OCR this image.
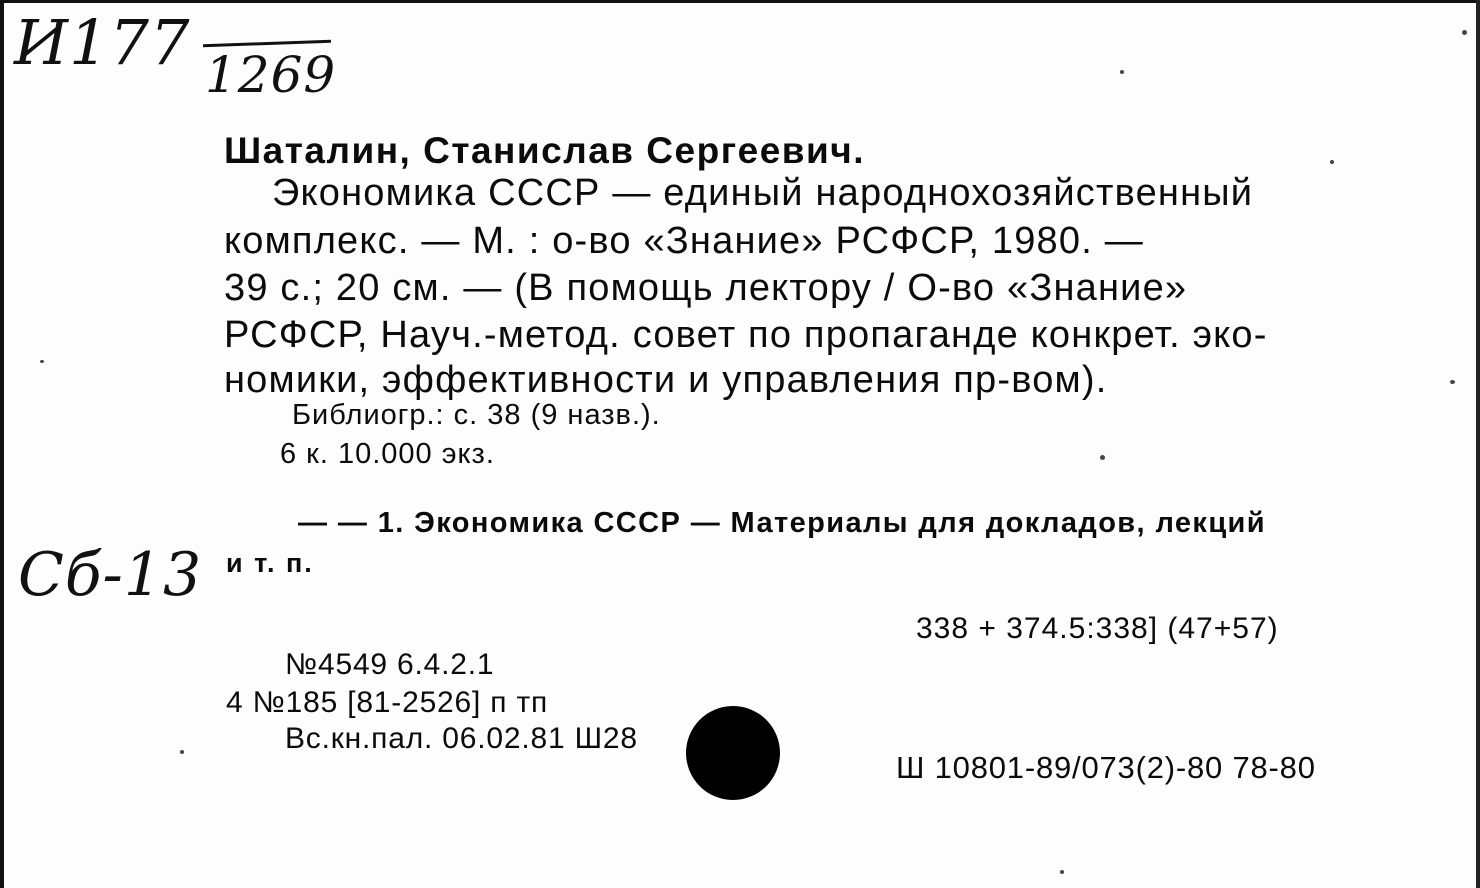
И177 1269
Шаталин, Станислав Сергеевич.
Экономика СССР — единый народнохозяйственный
комплекс. — М. : о-во «Знание» РСФСР, 1980. —
39 с.; 20 см. — (В помощь лектору / О-во «Знание»
РСФСР, Науч.-метод. совет по пропаганде конкрет. эко-
номики, эффективности и управления пр-вом).
Библиогр.: с. 38 (9 назв.).
6 к. 10.000 экз.
— — 1. Экономика СССР — Материалы для докладов, лекций
и т. п.
Сб-13
338 + 374.5:338] (47+57)
№4549 6.4.2.1
4 №185 [81-2526] п тп
Вс.кн.пал. 06.02.81 Ш28
Ш 10801-89/073(2)-80 78-80
